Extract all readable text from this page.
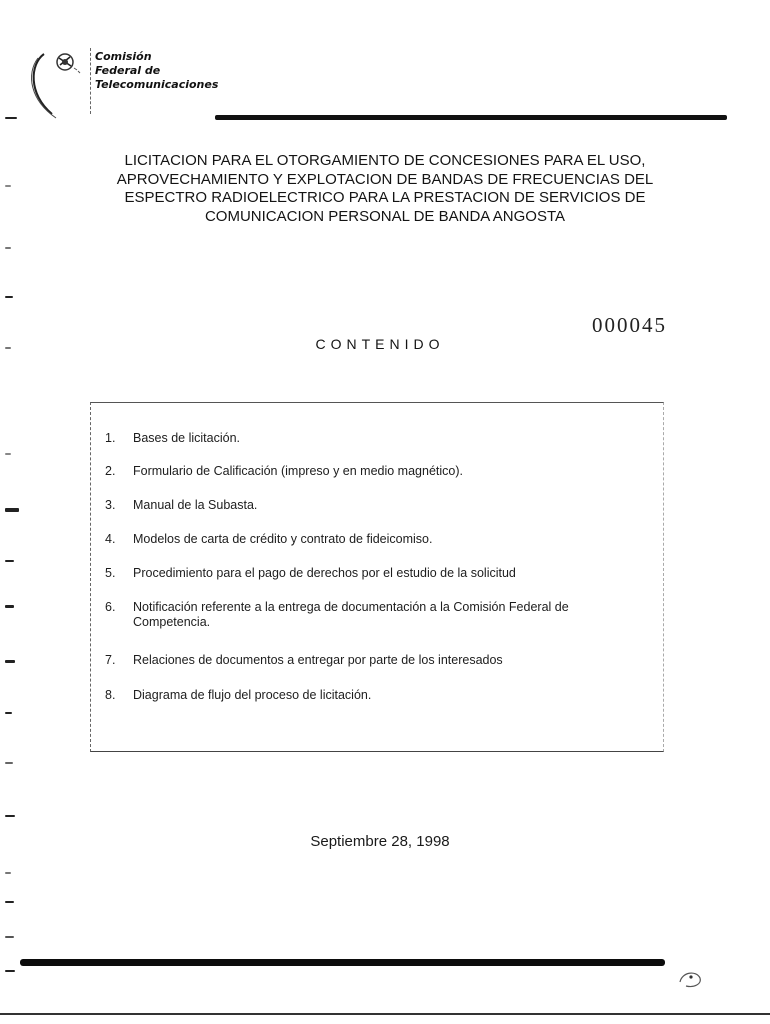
Comisión
Federal de
Telecomunicaciones
LICITACION PARA EL OTORGAMIENTO DE CONCESIONES PARA EL USO, APROVECHAMIENTO Y EXPLOTACION DE BANDAS DE FRECUENCIAS DEL ESPECTRO RADIOELECTRICO PARA LA PRESTACION DE SERVICIOS DE COMUNICACION PERSONAL DE BANDA ANGOSTA
000045
CONTENIDO
1. Bases de licitación.
2. Formulario de Calificación (impreso y en medio magnético).
3. Manual de la Subasta.
4. Modelos de carta de crédito y contrato de fideicomiso.
5. Procedimiento para el pago de derechos por el estudio de la solicitud
6. Notificación referente a la entrega de documentación a la Comisión Federal de Competencia.
7. Relaciones de documentos a entregar por parte de los interesados
8. Diagrama de flujo del proceso de licitación.
Septiembre 28, 1998
